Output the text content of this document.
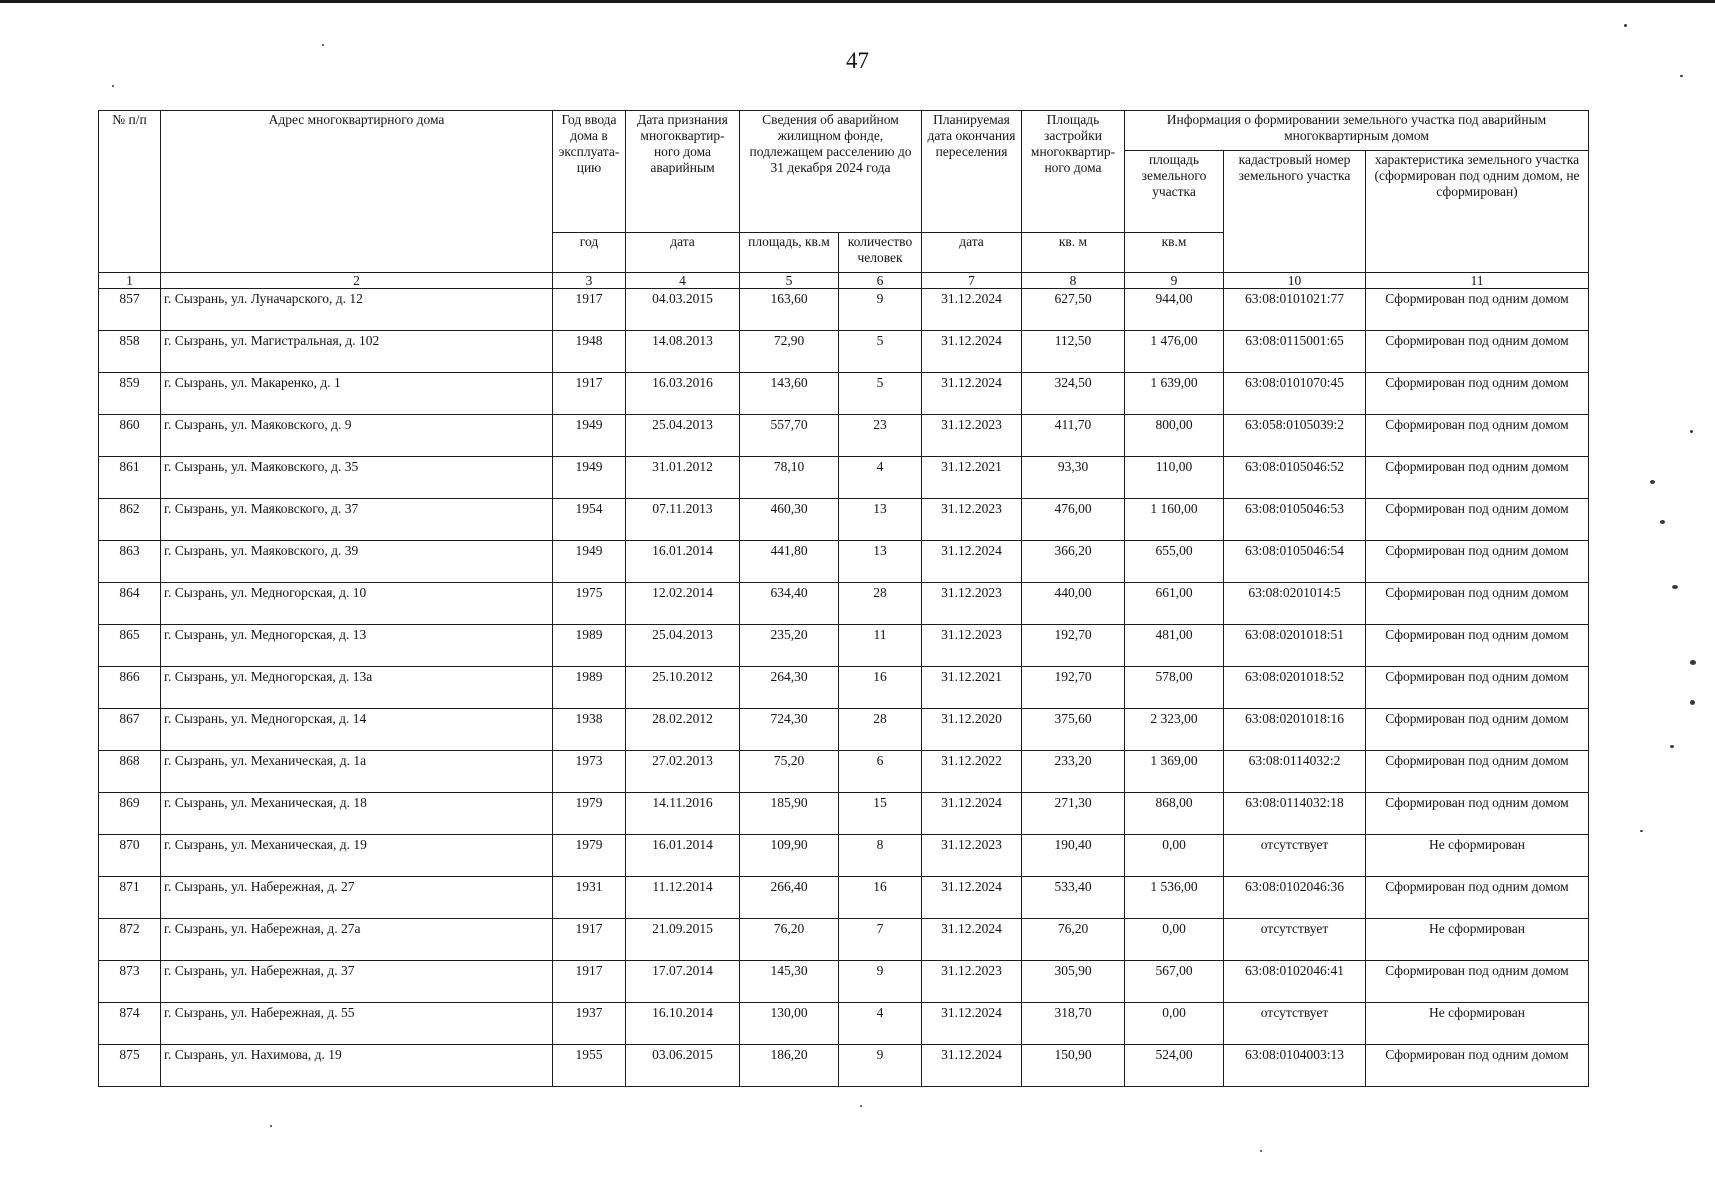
47
№ п/п	Адрес многоквартирного дома	Год ввода дома в эксплуата-цию	Дата признания многоквартир-ного дома аварийным	Сведения об аварийном жилищном фонде, подлежащем расселению до 31 декабря 2024 года		Планируемая дата окончания переселения	Площадь застройки многоквартир-ного дома	Информация о формировании земельного участка под аварийным многоквартирным домом		
								площадь земельного участка	кадастровый номер земельного участка	характеристика земельного участка (сформирован под одним домом, не сформирован)
		год	дата	площадь, кв.м	количество человек	дата	кв. м	кв.м		
1	2	3	4	5	6	7	8	9	10	11
857	г. Сызрань, ул. Луначарского, д. 12	1917	04.03.2015	163,60	9	31.12.2024	627,50	944,00	63:08:0101021:77	Сформирован под одним домом
858	г. Сызрань, ул. Магистральная, д. 102	1948	14.08.2013	72,90	5	31.12.2024	112,50	1 476,00	63:08:0115001:65	Сформирован под одним домом
859	г. Сызрань, ул. Макаренко, д. 1	1917	16.03.2016	143,60	5	31.12.2024	324,50	1 639,00	63:08:0101070:45	Сформирован под одним домом
860	г. Сызрань, ул. Маяковского, д. 9	1949	25.04.2013	557,70	23	31.12.2023	411,70	800,00	63:058:0105039:2	Сформирован под одним домом
861	г. Сызрань, ул. Маяковского, д. 35	1949	31.01.2012	78,10	4	31.12.2021	93,30	110,00	63:08:0105046:52	Сформирован под одним домом
862	г. Сызрань, ул. Маяковского, д. 37	1954	07.11.2013	460,30	13	31.12.2023	476,00	1 160,00	63:08:0105046:53	Сформирован под одним домом
863	г. Сызрань, ул. Маяковского, д. 39	1949	16.01.2014	441,80	13	31.12.2024	366,20	655,00	63:08:0105046:54	Сформирован под одним домом
864	г. Сызрань, ул. Медногорская, д. 10	1975	12.02.2014	634,40	28	31.12.2023	440,00	661,00	63:08:0201014:5	Сформирован под одним домом
865	г. Сызрань, ул. Медногорская, д. 13	1989	25.04.2013	235,20	11	31.12.2023	192,70	481,00	63:08:0201018:51	Сформирован под одним домом
866	г. Сызрань, ул. Медногорская, д. 13а	1989	25.10.2012	264,30	16	31.12.2021	192,70	578,00	63:08:0201018:52	Сформирован под одним домом
867	г. Сызрань, ул. Медногорская, д. 14	1938	28.02.2012	724,30	28	31.12.2020	375,60	2 323,00	63:08:0201018:16	Сформирован под одним домом
868	г. Сызрань, ул. Механическая, д. 1а	1973	27.02.2013	75,20	6	31.12.2022	233,20	1 369,00	63:08:0114032:2	Сформирован под одним домом
869	г. Сызрань, ул. Механическая, д. 18	1979	14.11.2016	185,90	15	31.12.2024	271,30	868,00	63:08:0114032:18	Сформирован под одним домом
870	г. Сызрань, ул. Механическая, д. 19	1979	16.01.2014	109,90	8	31.12.2023	190,40	0,00	отсутствует	Не сформирован
871	г. Сызрань, ул. Набережная, д. 27	1931	11.12.2014	266,40	16	31.12.2024	533,40	1 536,00	63:08:0102046:36	Сформирован под одним домом
872	г. Сызрань, ул. Набережная, д. 27а	1917	21.09.2015	76,20	7	31.12.2024	76,20	0,00	отсутствует	Не сформирован
873	г. Сызрань, ул. Набережная, д. 37	1917	17.07.2014	145,30	9	31.12.2023	305,90	567,00	63:08:0102046:41	Сформирован под одним домом
874	г. Сызрань, ул. Набережная, д. 55	1937	16.10.2014	130,00	4	31.12.2024	318,70	0,00	отсутствует	Не сформирован
875	г. Сызрань, ул. Нахимова, д. 19	1955	03.06.2015	186,20	9	31.12.2024	150,90	524,00	63:08:0104003:13	Сформирован под одним домом
